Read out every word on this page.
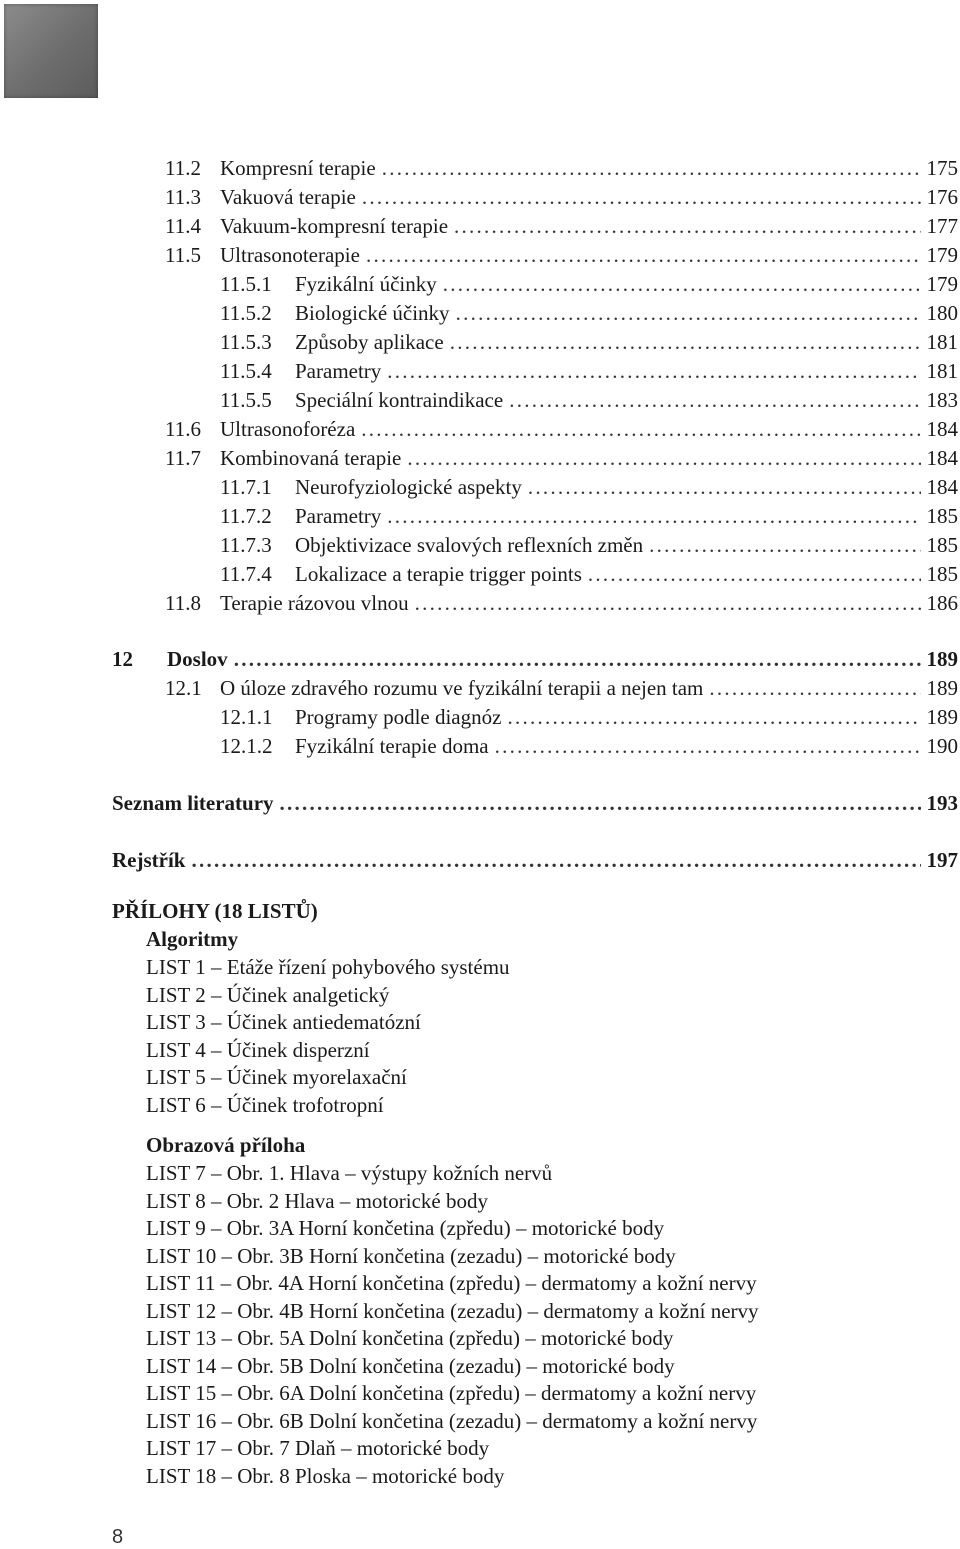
11.2 Kompresní terapie . . .	175
11.3 Vakuová terapie . . .	176
11.4 Vakuum-kompresní terapie . . .	177
11.5 Ultrasonoterapie . . .	179
11.5.1	Fyzikální účinky . . .	179
11.5.2	Biologické účinky . . .	180
11.5.3	Způsoby aplikace . . .	181
11.5.4	Parametry . . .	181
11.5.5	Speciální kontraindikace . . .	183
11.6 Ultrasonoforéza . . .	184
11.7 Kombinovaná terapie . . .	184
11.7.1	Neurofyziologické aspekty . . .	184
11.7.2	Parametry . . .	185
11.7.3	Objektivizace svalových reflexních změn . . .	185
11.7.4	Lokalizace a terapie trigger points . . .	185
11.8 Terapie rázovou vlnou . . .	186
12	Doslov . . .	189
12.1 O úloze zdravého rozumu ve fyzikální terapii a nejen tam . . .	189
12.1.1	Programy podle diagnóz . . .	189
12.1.2	Fyzikální terapie doma . . .	190
Seznam literatury . . .	193
Rejstřík . . .	197
PŘÍLOHY (18 LISTŮ)
Algoritmy
LIST 1 – Etáže řízení pohybového systému
LIST 2 – Účinek analgetický
LIST 3 – Účinek antiedematózní
LIST 4 – Účinek disperzní
LIST 5 – Účinek myorelaxační
LIST 6 – Účinek trofotropní
Obrazová příloha
LIST 7 – Obr. 1. Hlava – výstupy kožních nervů
LIST 8 – Obr. 2 Hlava – motorické body
LIST 9 – Obr. 3A Horní končetina (zpředu) – motorické body
LIST 10 – Obr. 3B Horní končetina (zezadu) – motorické body
LIST 11 – Obr. 4A Horní končetina (zpředu) – dermatomy a kožní nervy
LIST 12 – Obr. 4B Horní končetina (zezadu) – dermatomy a kožní nervy
LIST 13 – Obr. 5A Dolní končetina (zpředu) – motorické body
LIST 14 – Obr. 5B Dolní končetina (zezadu) – motorické body
LIST 15 – Obr. 6A Dolní končetina (zpředu) – dermatomy a kožní nervy
LIST 16 – Obr. 6B Dolní končetina (zezadu) – dermatomy a kožní nervy
LIST 17 – Obr. 7 Dlaň – motorické body
LIST 18 – Obr. 8 Ploska – motorické body
8
